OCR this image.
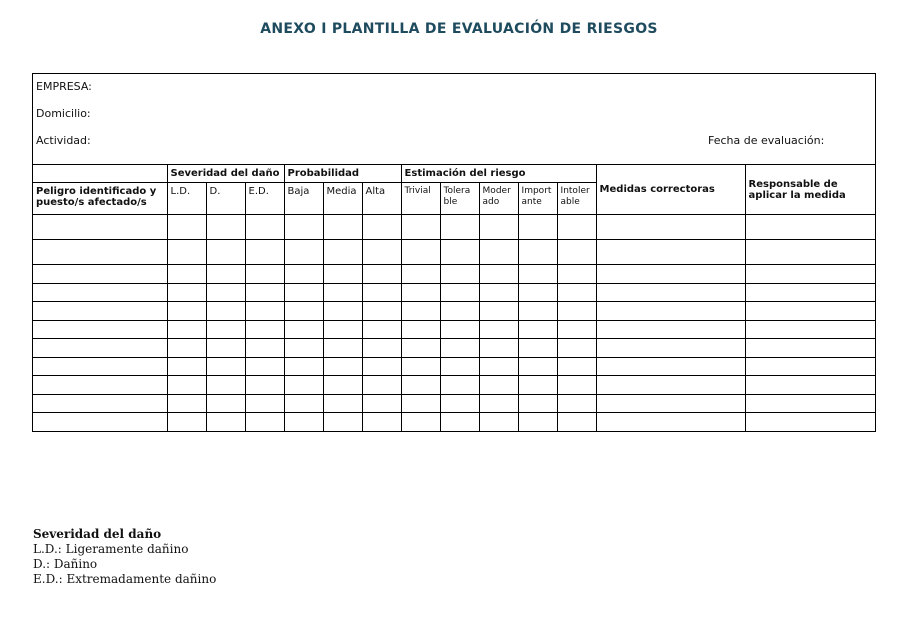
ANEXO I PLANTILLA DE EVALUACIÓN DE RIESGOS
EMPRESA:
Domicilio:
Actividad:	Fecha de evaluación:
	Severidad del daño			Probabilidad			Estimación del riesgo					Medidas correctoras	Responsable de aplicar la medida
Peligro identificado y puesto/s afectado/s	L.D.	D.	E.D.	Baja	Media	Alta	Trivial	Tolera ble	Moder ado	Import ante	Intoler able		

Severidad del daño
L.D.: Ligeramente dañino
D.: Dañino
E.D.: Extremadamente dañino
